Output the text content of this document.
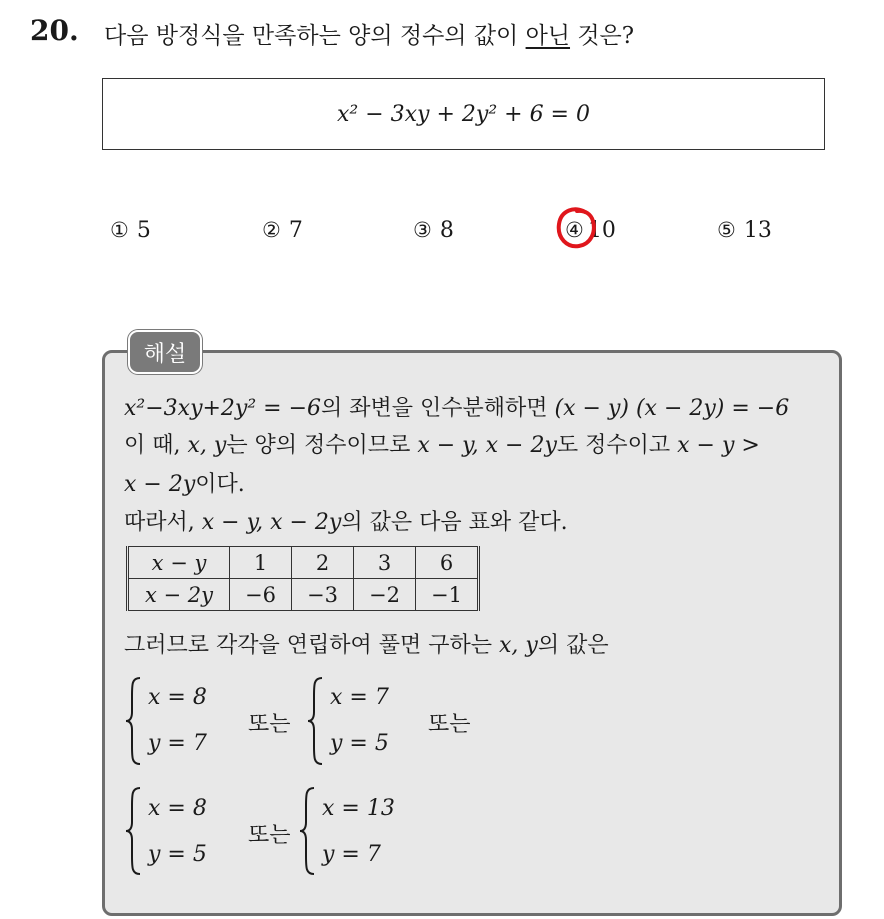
20. 다음 방정식을 만족하는 양의 정수의 값이 아닌 것은?
x² − 3xy + 2y² + 6 = 0
① 5	② 7	③ 8	④ 10	⑤ 13
해설
x²−3xy+2y² = −6의 좌변을 인수분해하면 (x − y) (x − 2y) = −6
이 때, x, y는 양의 정수이므로 x − y, x − 2y도 정수이고 x − y >
x − 2y이다.
따라서, x − y, x − 2y의 값은 다음 표와 같다.
x − y	1	2	3	6
x − 2y	−6	−3	−2	−1
그러므로 각각을 연립하여 풀면 구하는 x, y의 값은
x = 8
y = 7
또는
x = 7
y = 5
또는
x = 8
y = 5
또는
x = 13
y = 7
